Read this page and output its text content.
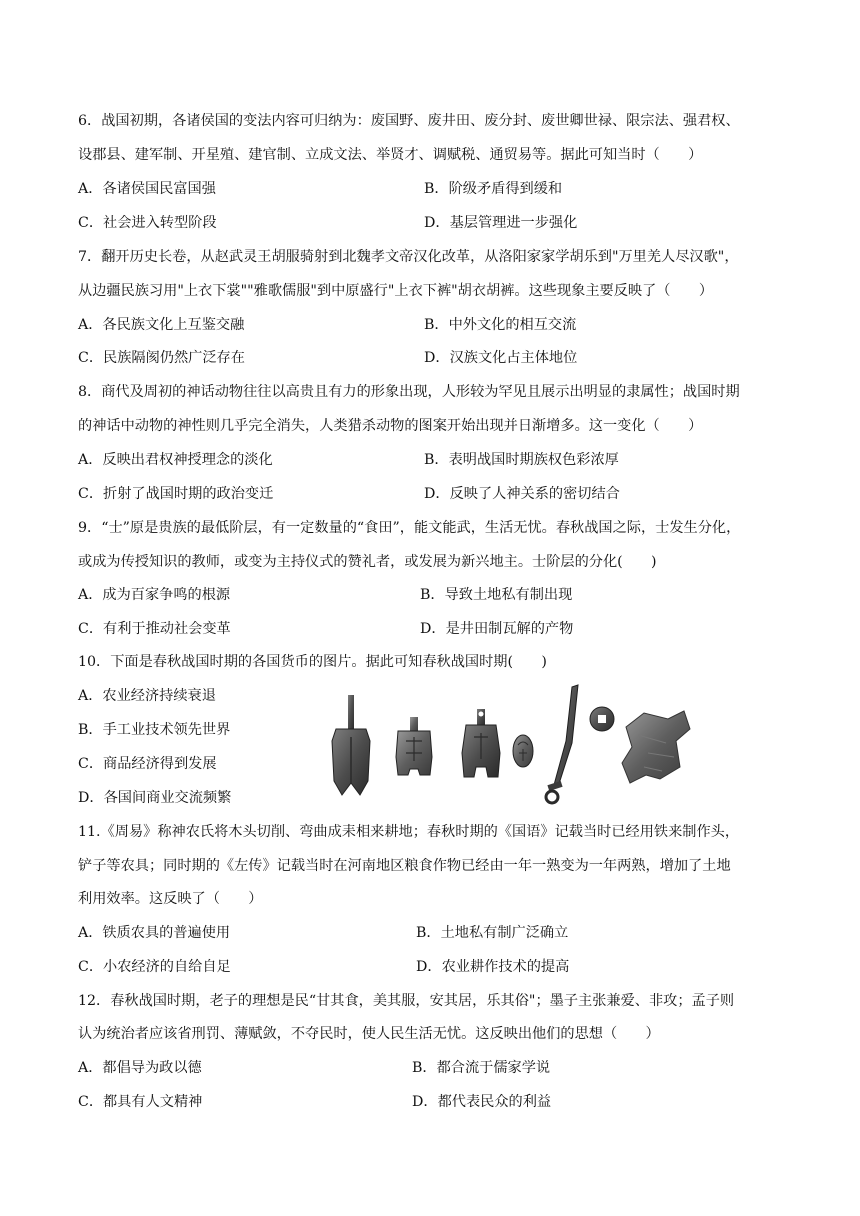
6．战国初期，各诸侯国的变法内容可归纳为：废国野、废井田、废分封、废世卿世禄、限宗法、强君权、
设郡县、建军制、开星殖、建官制、立成文法、举贤才、调赋税、通贸易等。据此可知当时（　　）
A．各诸侯国民富国强	B．阶级矛盾得到缓和
C．社会进入转型阶段	D．基层管理进一步强化
7．翻开历史长卷，从赵武灵王胡服骑射到北魏孝文帝汉化改革，从洛阳家家学胡乐到"万里羌人尽汉歌"，
从边疆民族习用"上衣下裳""雅歌儒服"到中原盛行"上衣下裤"胡衣胡裤。这些现象主要反映了（　　）
A．各民族文化上互鉴交融	B．中外文化的相互交流
C．民族隔阂仍然广泛存在	D．汉族文化占主体地位
8．商代及周初的神话动物往往以高贵且有力的形象出现，人形较为罕见且展示出明显的隶属性；战国时期
的神话中动物的神性则几乎完全消失，人类猎杀动物的图案开始出现并日渐增多。这一变化（　　）
A．反映出君权神授理念的淡化	B．表明战国时期族权色彩浓厚
C．折射了战国时期的政治变迁	D．反映了人神关系的密切结合
9．“士”原是贵族的最低阶层，有一定数量的“食田”，能文能武，生活无忧。春秋战国之际，士发生分化，
或成为传授知识的教师，或变为主持仪式的赞礼者，或发展为新兴地主。士阶层的分化(　　)
A．成为百家争鸣的根源	B．导致土地私有制出现
C．有利于推动社会变革	D．是井田制瓦解的产物
10．下面是春秋战国时期的各国货币的图片。据此可知春秋战国时期(　　)
A．农业经济持续衰退
B．手工业技术领先世界
C．商品经济得到发展
D．各国间商业交流频繁
11.《周易》称神农氏将木头切削、弯曲成耒相来耕地；春秋时期的《国语》记载当时已经用铁来制作头，
铲子等农具；同时期的《左传》记载当时在河南地区粮食作物已经由一年一熟变为一年两熟，增加了土地
利用效率。这反映了（　　）
A．铁质农具的普遍使用	B．土地私有制广泛确立
C．小农经济的自给自足	D．农业耕作技术的提高
12．春秋战国时期，老子的理想是民“甘其食，美其服，安其居，乐其俗"；墨子主张兼爱、非攻；孟子则
认为统治者应该省刑罚、薄赋敛，不夺民时，使人民生活无忧。这反映出他们的思想（　　）
A．都倡导为政以德	B．都合流于儒家学说
C．都具有人文精神	D．都代表民众的利益
